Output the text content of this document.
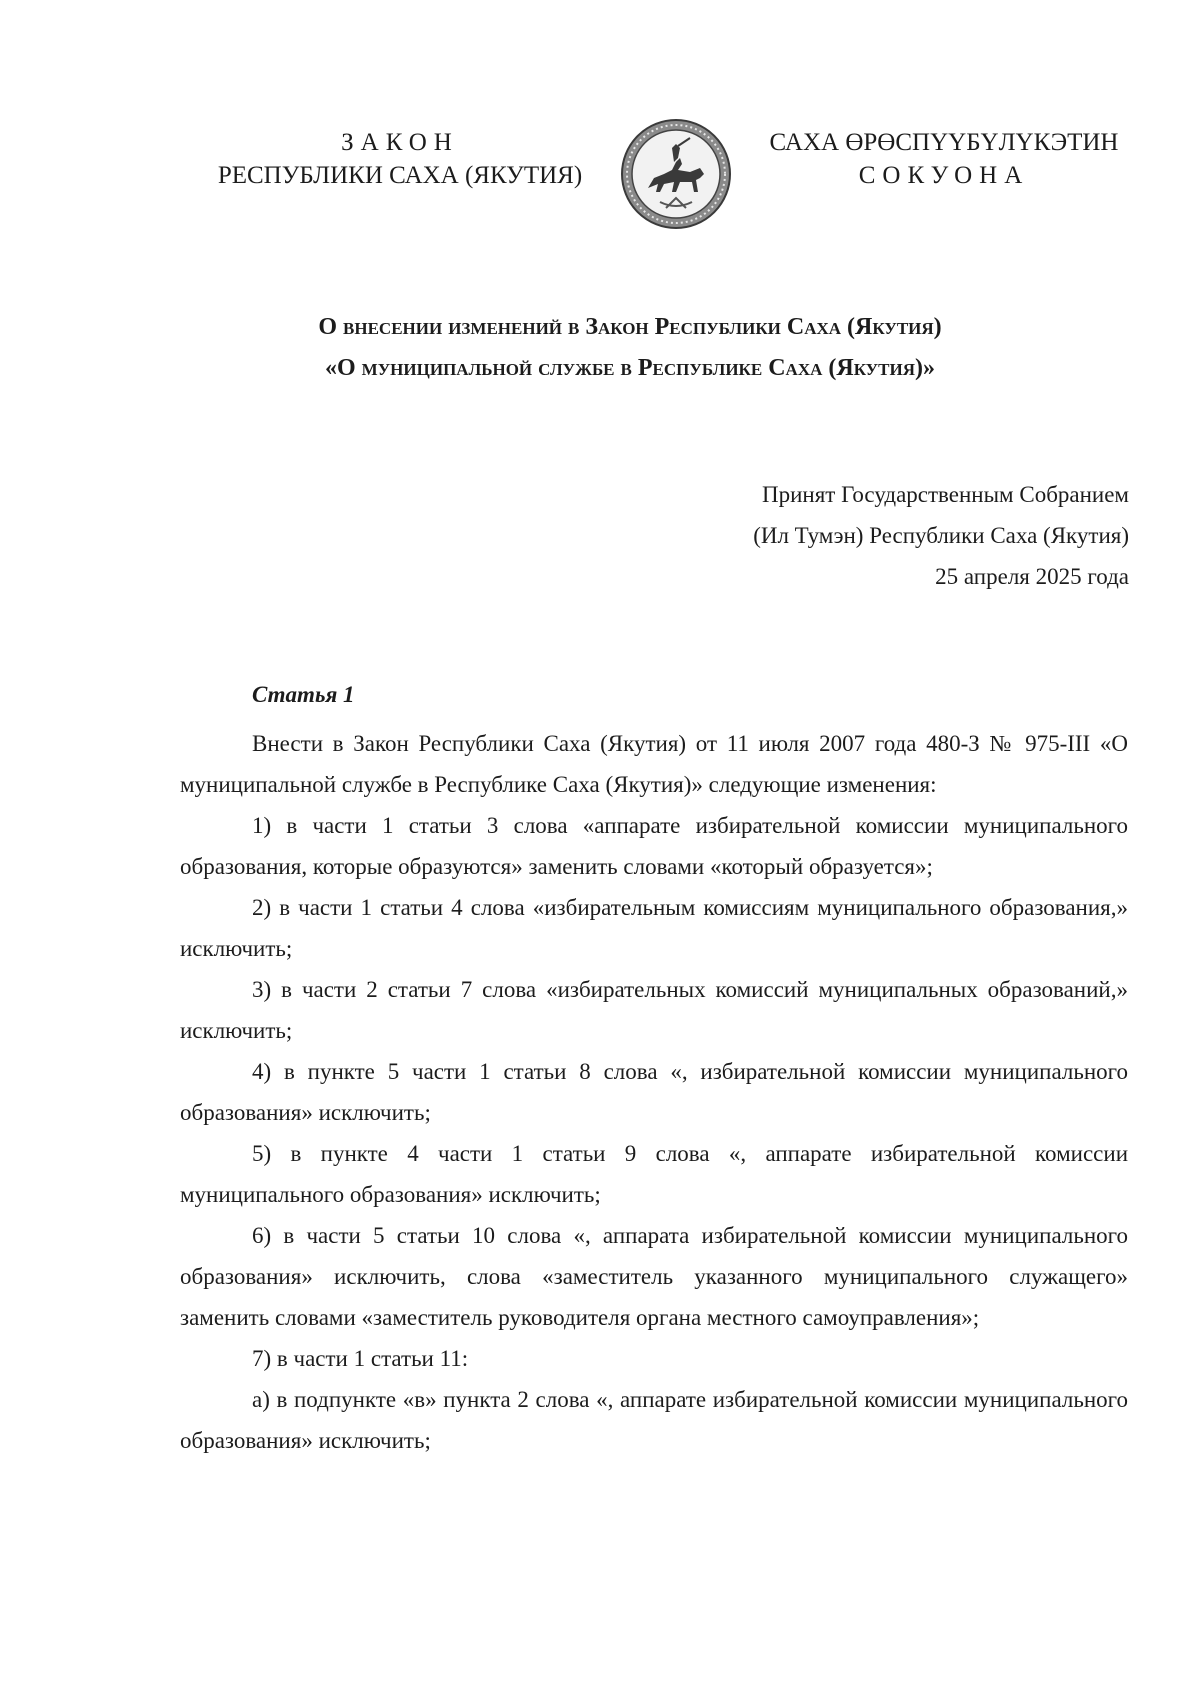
ЗАКОН
РЕСПУБЛИКИ САХА (ЯКУТИЯ)
САХА ӨРӨСПҮҮБҮЛҮКЭТИН
СОКУОНА
О внесении изменений в Закон Республики Саха (Якутия)
«О муниципальной службе в Республике Саха (Якутия)»
Принят Государственным Собранием
(Ил Тумэн) Республики Саха (Якутия)
25 апреля 2025 года
Статья 1

Внести в Закон Республики Саха (Якутия) от 11 июля 2007 года 480-З № 975-III «О муниципальной службе в Республике Саха (Якутия)» следующие изменения:

1) в части 1 статьи 3 слова «аппарате избирательной комиссии муниципального образования, которые образуются» заменить словами «который образуется»;

2) в части 1 статьи 4 слова «избирательным комиссиям муниципального образования,» исключить;

3) в части 2 статьи 7 слова «избирательных комиссий муниципальных образований,» исключить;

4) в пункте 5 части 1 статьи 8 слова «, избирательной комиссии муниципального образования» исключить;

5) в пункте 4 части 1 статьи 9 слова «, аппарате избирательной комиссии муниципального образования» исключить;

6) в части 5 статьи 10 слова «, аппарата избирательной комиссии муниципального образования» исключить, слова «заместитель указанного муниципального служащего» заменить словами «заместитель руководителя органа местного самоуправления»;

7) в части 1 статьи 11:

а) в подпункте «в» пункта 2 слова «, аппарате избирательной комиссии муниципального образования» исключить;
